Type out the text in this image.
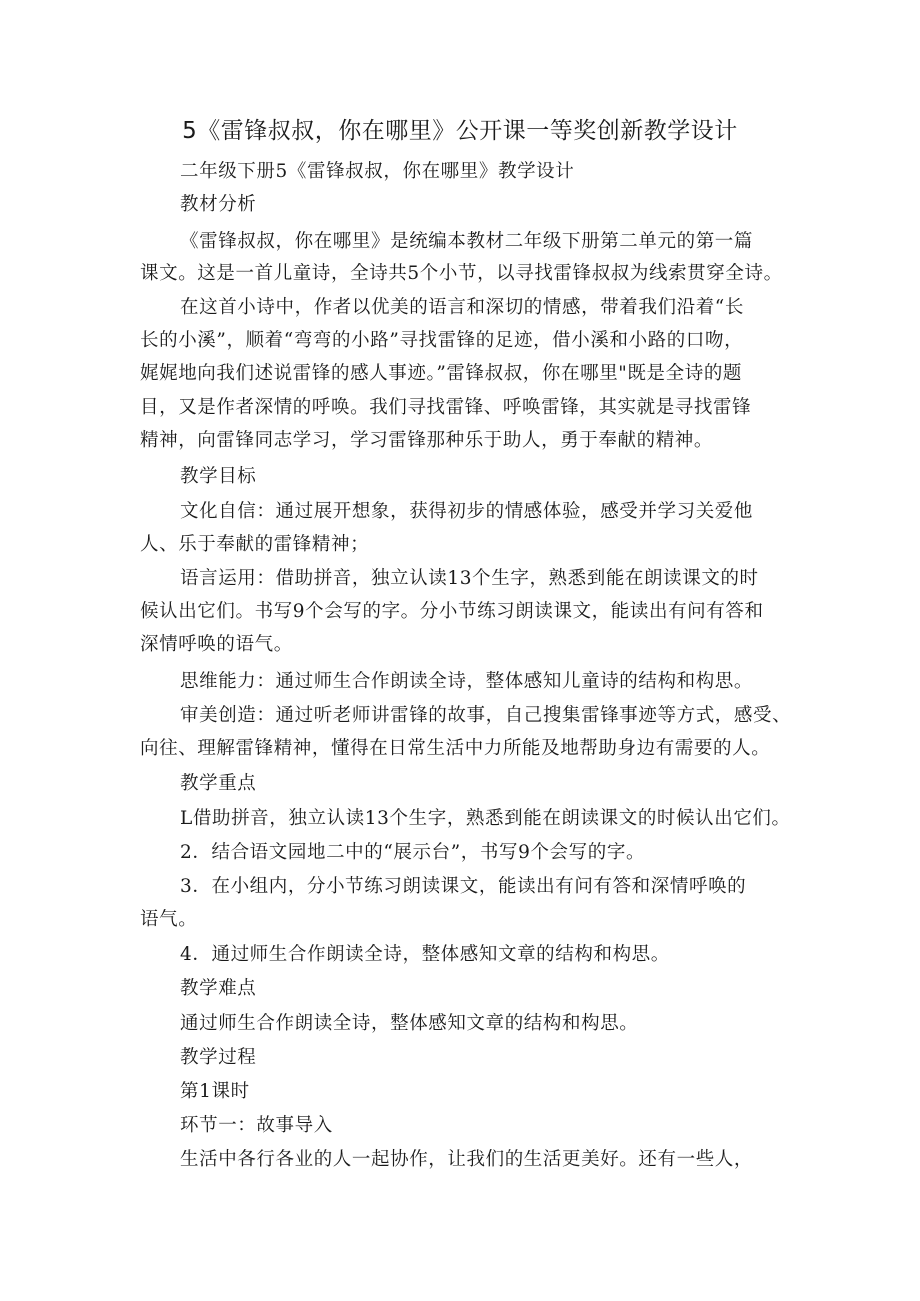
5《雷锋叔叔，你在哪里》公开课一等奖创新教学设计
二年级下册5《雷锋叔叔，你在哪里》教学设计
教材分析
《雷锋叔叔，你在哪里》是统编本教材二年级下册第二单元的第一篇
课文。这是一首儿童诗，全诗共5个小节，以寻找雷锋叔叔为线索贯穿全诗。
在这首小诗中，作者以优美的语言和深切的情感，带着我们沿着“长
长的小溪”，顺着“弯弯的小路”寻找雷锋的足迹，借小溪和小路的口吻，
娓娓地向我们述说雷锋的感人事迹。”雷锋叔叔，你在哪里"既是全诗的题
目，又是作者深情的呼唤。我们寻找雷锋、呼唤雷锋，其实就是寻找雷锋
精神，向雷锋同志学习，学习雷锋那种乐于助人，勇于奉献的精神。
教学目标
文化自信：通过展开想象，获得初步的情感体验，感受并学习关爱他
人、乐于奉献的雷锋精神；
语言运用：借助拼音，独立认读13个生字，熟悉到能在朗读课文的时
候认出它们。书写9个会写的字。分小节练习朗读课文，能读出有问有答和
深情呼唤的语气。
思维能力：通过师生合作朗读全诗，整体感知儿童诗的结构和构思。
审美创造：通过听老师讲雷锋的故事，自己搜集雷锋事迹等方式，感受、
向往、理解雷锋精神，懂得在日常生活中力所能及地帮助身边有需要的人。
教学重点
L借助拼音，独立认读13个生字，熟悉到能在朗读课文的时候认出它们。
2．结合语文园地二中的“展示台”，书写9个会写的字。
3．在小组内，分小节练习朗读课文，能读出有问有答和深情呼唤的
语气。
4．通过师生合作朗读全诗，整体感知文章的结构和构思。
教学难点
通过师生合作朗读全诗，整体感知文章的结构和构思。
教学过程
第1课时
环节一：故事导入
生活中各行各业的人一起协作，让我们的生活更美好。还有一些人，
